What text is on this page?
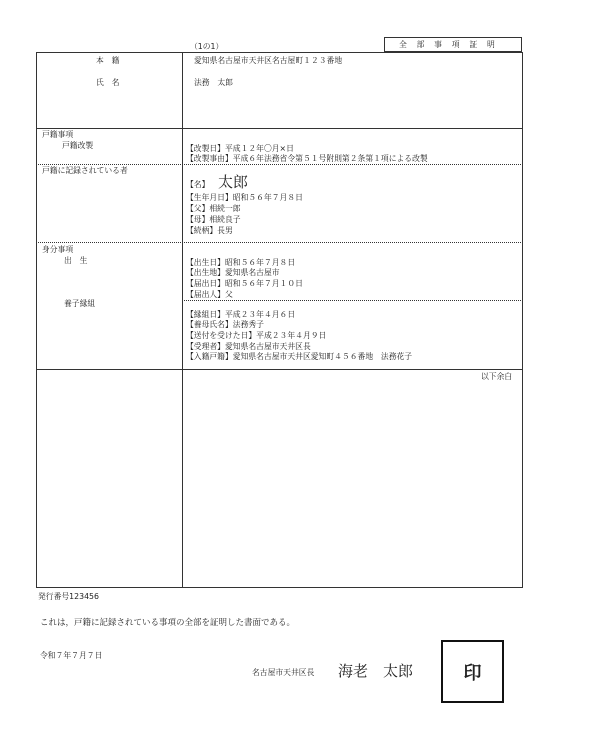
（1の1）	全　部　事　項　証　明
本　籍	愛知県名古屋市天井区名古屋町１２３番地
氏　名	法務　太郎
戸籍事項
戸籍改製	【改製日】平成１２年〇月×日
【改製事由】平成６年法務省令第５１号附則第２条第１項による改製
戸籍に記録されている者
【名】 太郎
【生年月日】昭和５６年７月８日
【父】相続一郎
【母】相続良子
【続柄】長男
身分事項
出　生	【出生日】昭和５６年７月８日
【出生地】愛知県名古屋市
【届出日】昭和５６年７月１０日
【届出人】父
養子縁組
【縁組日】平成２３年４月６日
【養母氏名】法務秀子
【送付を受けた日】平成２３年４月９日
【受理者】愛知県名古屋市天井区長
【入籍戸籍】愛知県名古屋市天井区愛知町４５６番地　法務花子
以下余白
発行番号123456
これは，戸籍に記録されている事項の全部を証明した書面である。
令和７年７月７日
名古屋市天井区長 海老　太郎	印
